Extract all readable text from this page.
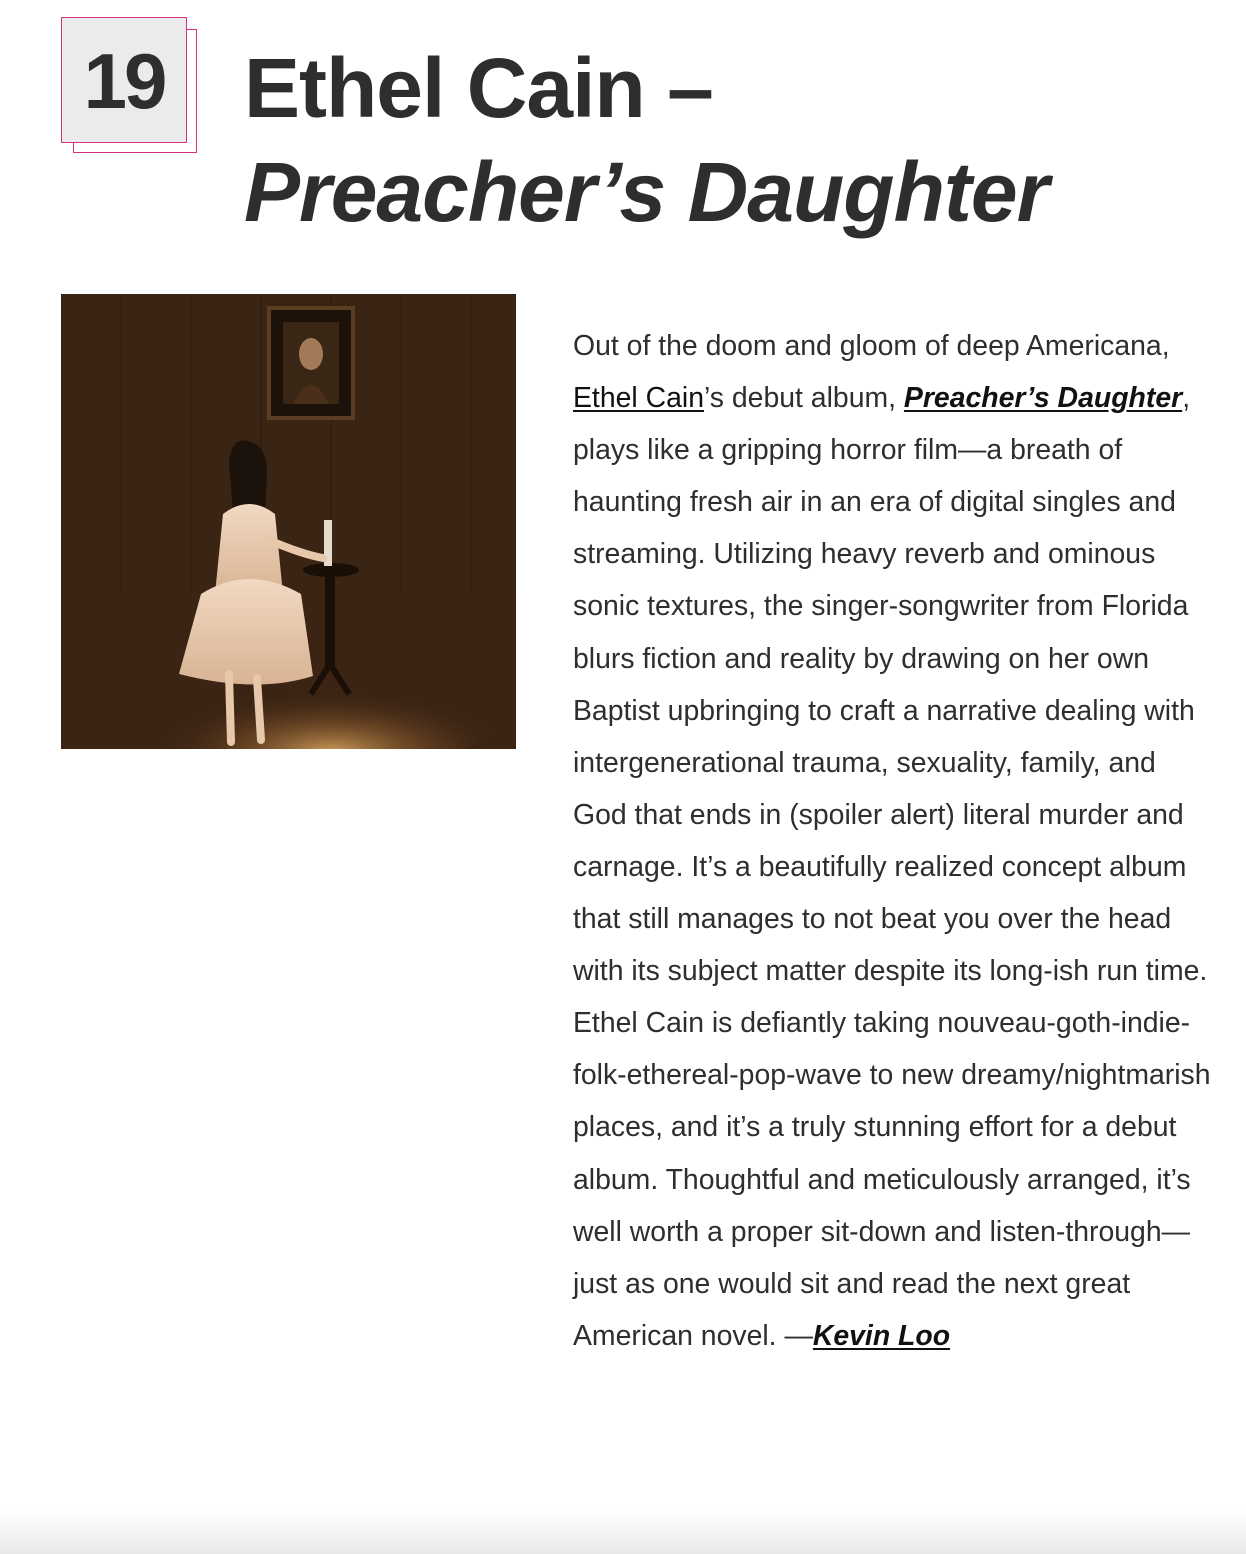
19 Ethel Cain –
Preacher’s Daughter

Out of the doom and gloom of deep Americana, Ethel Cain’s debut album, Preacher’s Daughter, plays like a gripping horror film—a breath of haunting fresh air in an era of digital singles and streaming. Utilizing heavy reverb and ominous sonic textures, the singer-songwriter from Florida blurs fiction and reality by drawing on her own Baptist upbringing to craft a narrative dealing with intergenerational trauma, sexuality, family, and God that ends in (spoiler alert) literal murder and carnage. It’s a beautifully realized concept album that still manages to not beat you over the head with its subject matter despite its long-ish run time. Ethel Cain is defiantly taking nouveau-goth-indie-folk-ethereal-pop-wave to new dreamy/nightmarish places, and it’s a truly stunning effort for a debut album. Thoughtful and meticulously arranged, it’s well worth a proper sit-down and listen-through—just as one would sit and read the next great American novel. —Kevin Loo
